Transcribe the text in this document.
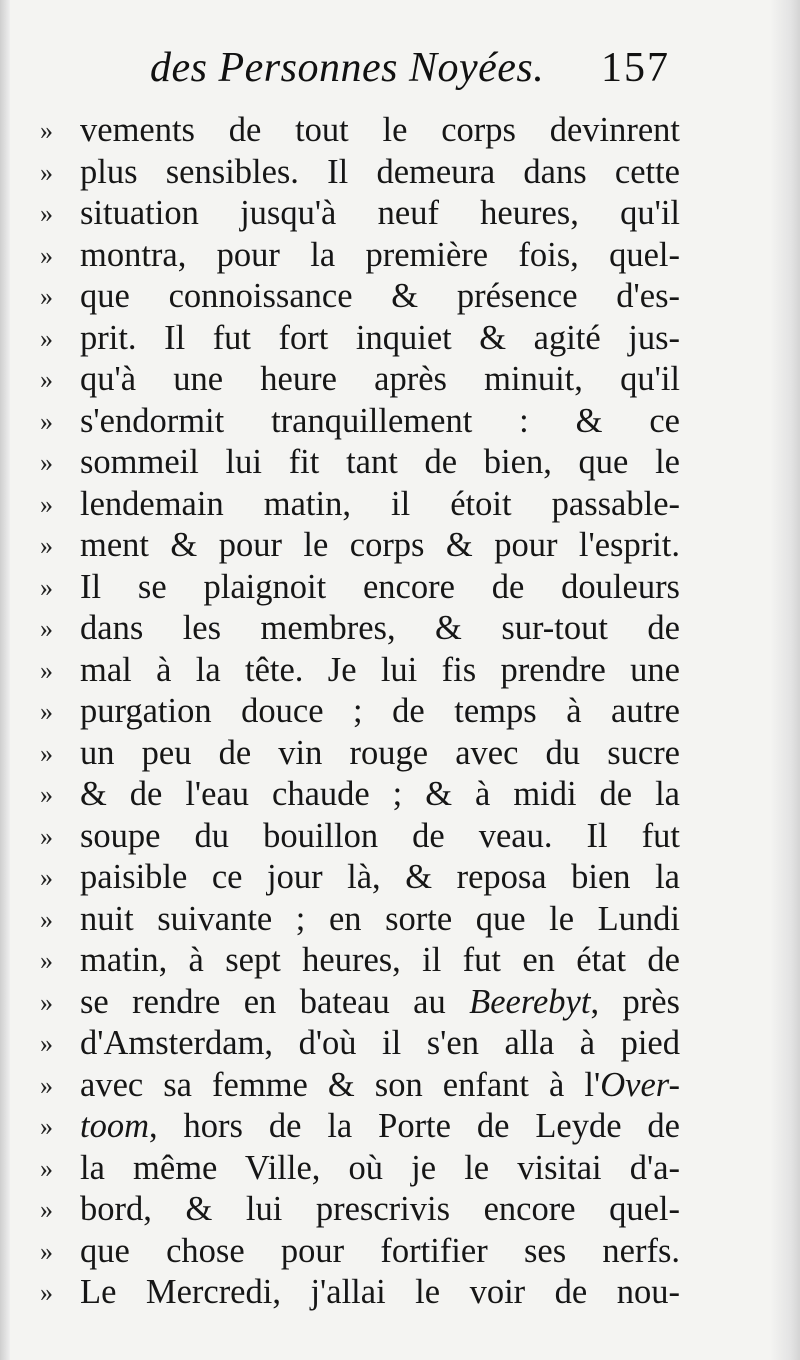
des Personnes Noyées. 157
» vements de tout le corps devinrent
» plus sensibles. Il demeura dans cette
» situation jusqu'à neuf heures, qu'il
» montra, pour la première fois, quel-
» que connoissance & présence d'es-
» prit. Il fut fort inquiet & agité jus-
» qu'à une heure après minuit, qu'il
» s'endormit tranquillement : & ce
» sommeil lui fit tant de bien, que le
» lendemain matin, il étoit passable-
» ment & pour le corps & pour l'esprit.
» Il se plaignoit encore de douleurs
» dans les membres, & sur-tout de
» mal à la tête. Je lui fis prendre une
» purgation douce ; de temps à autre
» un peu de vin rouge avec du sucre
» & de l'eau chaude ; & à midi de la
» soupe du bouillon de veau. Il fut
» paisible ce jour là, & reposa bien la
» nuit suivante ; en sorte que le Lundi
» matin, à sept heures, il fut en état de
» se rendre en bateau au Beerebyt, près
» d'Amsterdam, d'où il s'en alla à pied
» avec sa femme & son enfant à l'Over-
» toom, hors de la Porte de Leyde de
» la même Ville, où je le visitai d'a-
» bord, & lui prescrivis encore quel-
» que chose pour fortifier ses nerfs.
» Le Mercredi, j'allai le voir de nou-
